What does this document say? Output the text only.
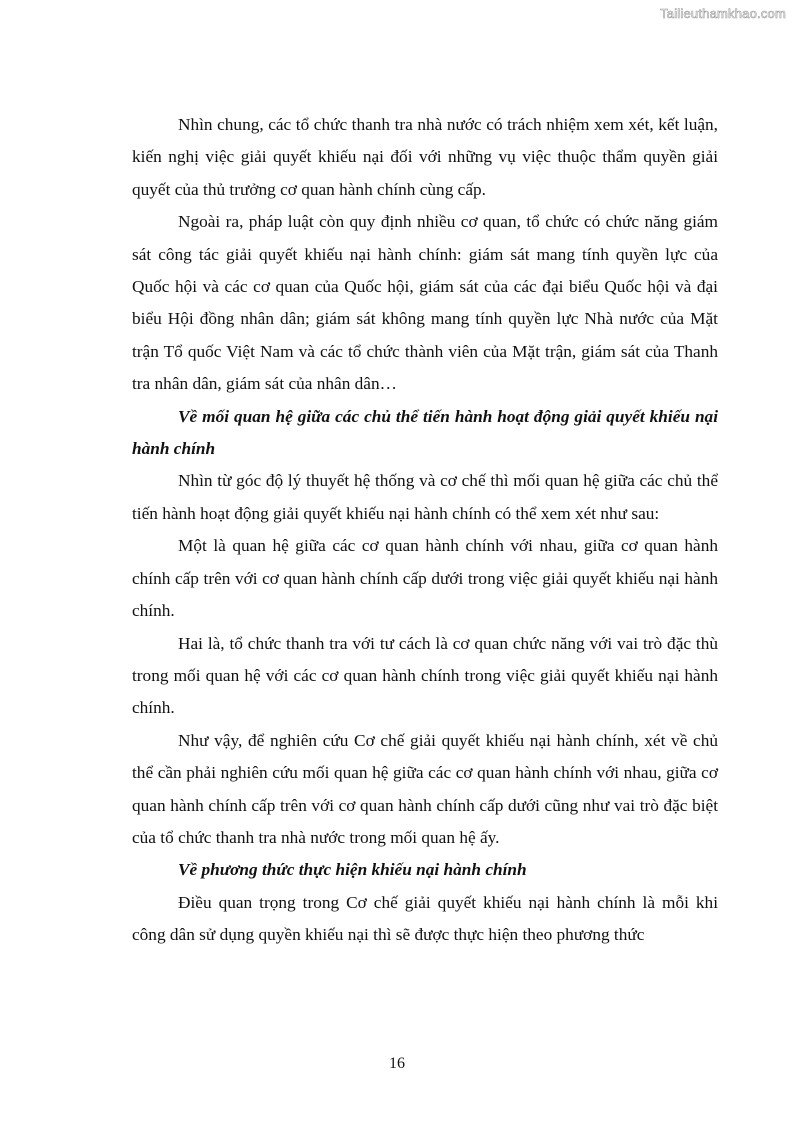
Tailieuthamkhao.com

Nhìn chung, các tổ chức thanh tra nhà nước có trách nhiệm xem xét, kết luận, kiến nghị việc giải quyết khiếu nại đối với những vụ việc thuộc thẩm quyền giải quyết của thủ trưởng cơ quan hành chính cùng cấp.

Ngoài ra, pháp luật còn quy định nhiều cơ quan, tổ chức có chức năng giám sát công tác giải quyết khiếu nại hành chính: giám sát mang tính quyền lực của Quốc hội và các cơ quan của Quốc hội, giám sát của các đại biểu Quốc hội và đại biểu Hội đồng nhân dân; giám sát không mang tính quyền lực Nhà nước của Mặt trận Tổ quốc Việt Nam và các tổ chức thành viên của Mặt trận, giám sát của Thanh tra nhân dân, giám sát của nhân dân…

Về mối quan hệ giữa các chủ thể tiến hành hoạt động giải quyết khiếu nại hành chính

Nhìn từ góc độ lý thuyết hệ thống và cơ chế thì mối quan hệ giữa các chủ thể tiến hành hoạt động giải quyết khiếu nại hành chính có thể xem xét như sau:

Một là quan hệ giữa các cơ quan hành chính với nhau, giữa cơ quan hành chính cấp trên với cơ quan hành chính cấp dưới trong việc giải quyết khiếu nại hành chính.

Hai là, tổ chức thanh tra với tư cách là cơ quan chức năng với vai trò đặc thù trong mối quan hệ với các cơ quan hành chính trong việc giải quyết khiếu nại hành chính.

Như vậy, để nghiên cứu Cơ chế giải quyết khiếu nại hành chính, xét về chủ thể cần phải nghiên cứu mối quan hệ giữa các cơ quan hành chính với nhau, giữa cơ quan hành chính cấp trên với cơ quan hành chính cấp dưới cũng như vai trò đặc biệt của tổ chức thanh tra nhà nước trong mối quan hệ ấy.

Về phương thức thực hiện khiếu nại hành chính

Điều quan trọng trong Cơ chế giải quyết khiếu nại hành chính là mỗi khi công dân sử dụng quyền khiếu nại thì sẽ được thực hiện theo phương thức

16
